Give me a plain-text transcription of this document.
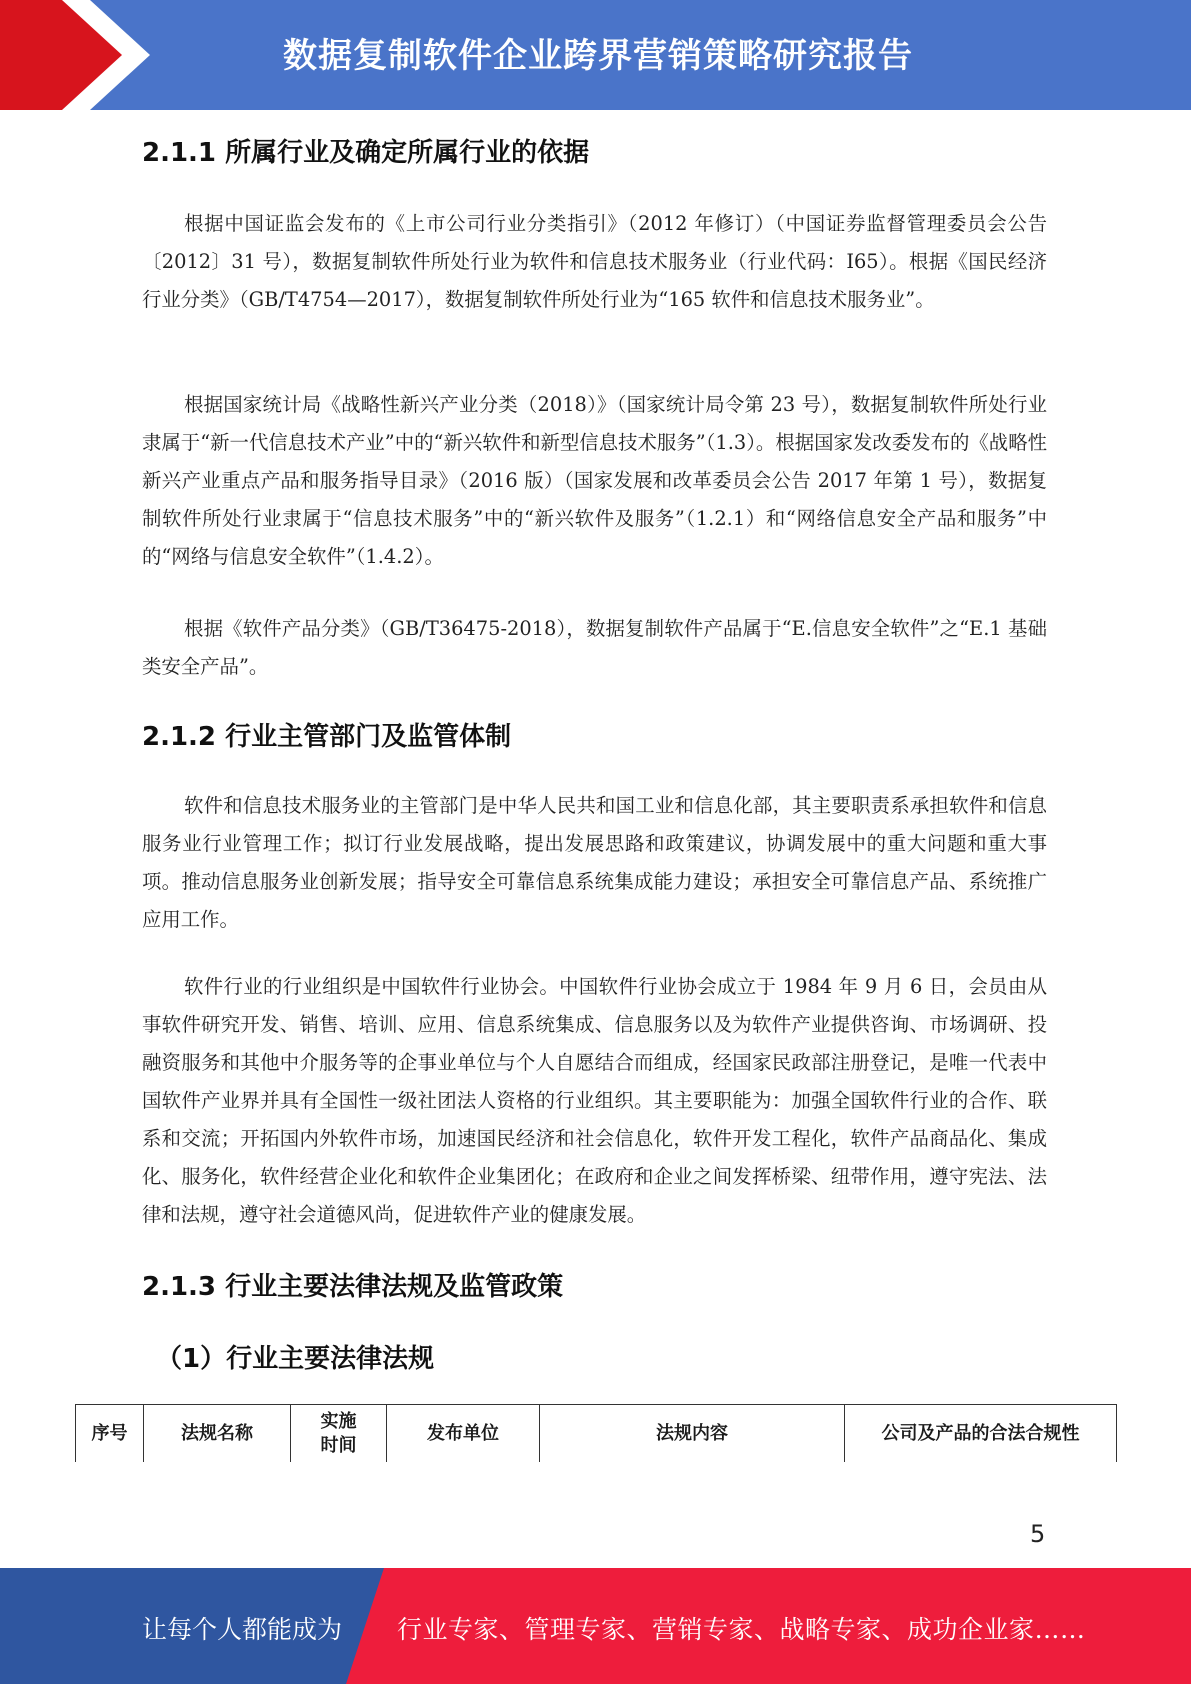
数据复制软件企业跨界营销策略研究报告
2.1.1 所属行业及确定所属行业的依据

根据中国证监会发布的《上市公司行业分类指引》（2012 年修订）（中国证券监督管理委员会公告〔2012〕31 号），数据复制软件所处行业为软件和信息技术服务业（行业代码：I65）。根据《国民经济行业分类》（GB/T4754—2017），数据复制软件所处行业为“165 软件和信息技术服务业”。

根据国家统计局《战略性新兴产业分类（2018）》（国家统计局令第 23 号），数据复制软件所处行业隶属于“新一代信息技术产业”中的“新兴软件和新型信息技术服务”（1.3）。根据国家发改委发布的《战略性新兴产业重点产品和服务指导目录》（2016 版）（国家发展和改革委员会公告 2017 年第 1 号），数据复制软件所处行业隶属于“信息技术服务”中的“新兴软件及服务”（1.2.1）和“网络信息安全产品和服务”中的“网络与信息安全软件”（1.4.2）。

根据《软件产品分类》（GB/T36475-2018），数据复制软件产品属于“E.信息安全软件”之“E.1 基础类安全产品”。

2.1.2 行业主管部门及监管体制

软件和信息技术服务业的主管部门是中华人民共和国工业和信息化部，其主要职责系承担软件和信息服务业行业管理工作；拟订行业发展战略，提出发展思路和政策建议，协调发展中的重大问题和重大事项。推动信息服务业创新发展；指导安全可靠信息系统集成能力建设；承担安全可靠信息产品、系统推广应用工作。

软件行业的行业组织是中国软件行业协会。中国软件行业协会成立于 1984 年 9 月 6 日，会员由从事软件研究开发、销售、培训、应用、信息系统集成、信息服务以及为软件产业提供咨询、市场调研、投融资服务和其他中介服务等的企事业单位与个人自愿结合而组成，经国家民政部注册登记，是唯一代表中国软件产业界并具有全国性一级社团法人资格的行业组织。其主要职能为：加强全国软件行业的合作、联系和交流；开拓国内外软件市场，加速国民经济和社会信息化，软件开发工程化，软件产品商品化、集成化、服务化，软件经营企业化和软件企业集团化；在政府和企业之间发挥桥梁、纽带作用，遵守宪法、法律和法规，遵守社会道德风尚，促进软件产业的健康发展。

2.1.3 行业主要法律法规及监管政策
（1）行业主要法律法规
序号	法规名称	实施时间	发布单位	法规内容	公司及产品的合法合规性
5
让每个人都能成为 行业专家、管理专家、营销专家、战略专家、成功企业家……
